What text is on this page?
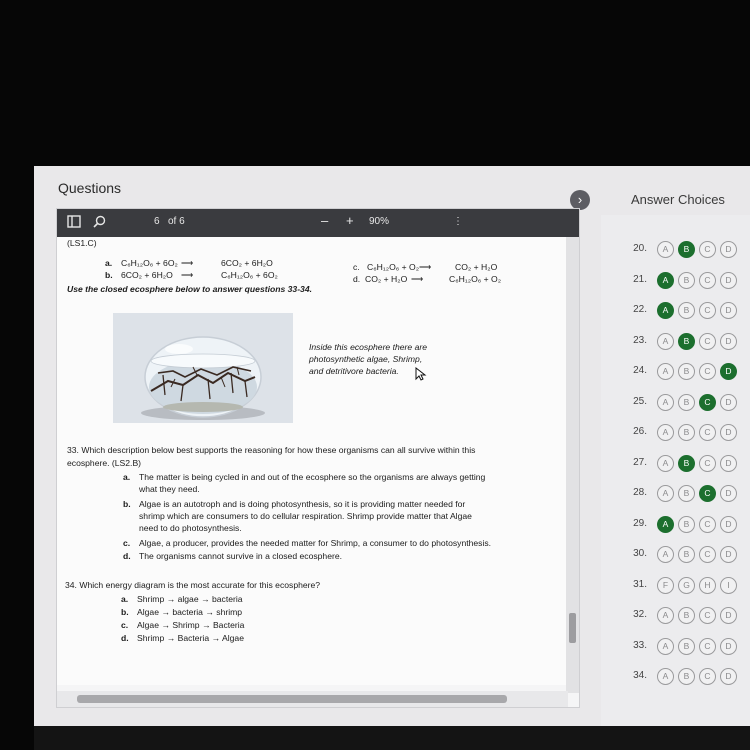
Questions
›
6 of 6	– + 90%	⋮
(LS1.C)
a. C₆H₁₂O₆ + 6O₂ ⟶	6CO₂ + 6H₂O
b. 6CO₂ + 6H₂O ⟶	C₆H₁₂O₆ + 6O₂
c. C₆H₁₂O₆ + O₂ ⟶	CO₂ + H₂O
d. CO₂ + H₂O ⟶	C₆H₁₂O₆ + O₂
Use the closed ecosphere below to answer questions 33-34.
Inside this ecosphere there are
photosynthetic algae, Shrimp,
and detritivore bacteria.
33. Which description below best supports the reasoning for how these organisms can all survive within this
ecosphere. (LS2.B)
a. The matter is being cycled in and out of the ecosphere so the organisms are always getting
what they need.
b. Algae is an autotroph and is doing photosynthesis, so it is providing matter needed for
shrimp which are consumers to do cellular respiration. Shrimp provide matter that Algae
need to do photosynthesis.
c. Algae, a producer, provides the needed matter for Shrimp, a consumer to do photosynthesis.
d. The organisms cannot survive in a closed ecosphere.
34. Which energy diagram is the most accurate for this ecosphere?
a. Shrimp → algae → bacteria
b. Algae → bacteria → shrimp
c. Algae → Shrimp → Bacteria
d. Shrimp → Bacteria → Algae
Answer Choices
20.	A	B	C	D
21.	A	B	C	D
22.	A	B	C	D
23.	A	B	C	D
24.	A	B	C	D
25.	A	B	C	D
26.	A	B	C	D
27.	A	B	C	D
28.	A	B	C	D
29.	A	B	C	D
30.	A	B	C	D
31.	F	G	H	I
32.	A	B	C	D
33.	A	B	C	D
34.	A	B	C	D
